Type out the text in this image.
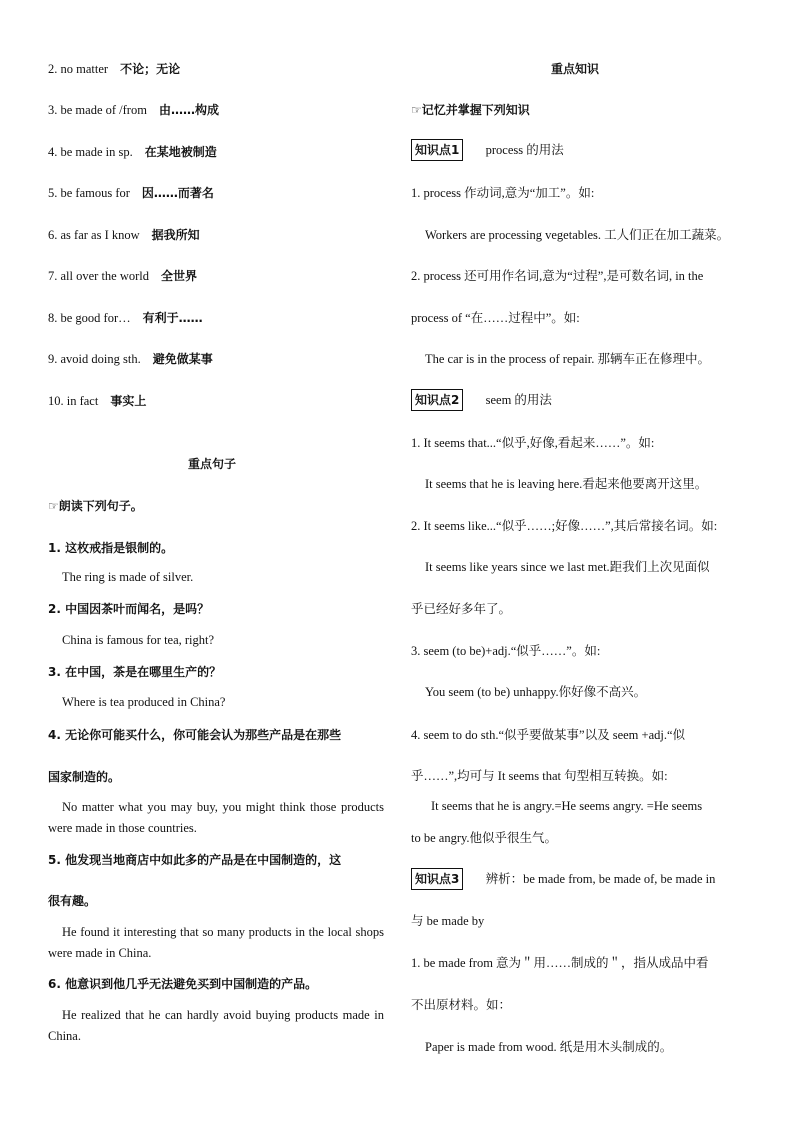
2. no matter 不论；无论
3. be made of /from 由……构成
4. be made in sp. 在某地被制造
5. be famous for 因……而著名
6. as far as I know 据我所知
7. all over the world 全世界
8. be good for… 有利于……
9. avoid doing sth. 避免做某事
10. in fact 事实上
重点句子
☞朗读下列句子。
1. 这枚戒指是银制的。
The ring is made of silver.
2. 中国因茶叶而闻名，是吗？
China is famous for tea, right?
3. 在中国，茶是在哪里生产的？
Where is tea produced in China?
4. 无论你可能买什么，你可能会认为那些产品是在那些
国家制造的。
No matter what you may buy, you might think those products were made in those countries.
5. 他发现当地商店中如此多的产品是在中国制造的，这
很有趣。
He found it interesting that so many products in the local shops were made in China.
6. 他意识到他几乎无法避免买到中国制造的产品。
He realized that he can hardly avoid buying products made in China.
重点知识
☞记忆并掌握下列知识
知识点1 process 的用法
1. process 作动词,意为“加工”。如:
Workers are processing vegetables. 工人们正在加工蔬菜。
2. process 还可用作名词,意为“过程”,是可数名词, in the
process of “在……过程中”。如:
The car is in the process of repair. 那辆车正在修理中。
知识点2 seem 的用法
1. It seems that...“似乎,好像,看起来……”。如:
It seems that he is leaving here.看起来他要离开这里。
2. It seems like...“似乎……;好像……”,其后常接名词。如:
It seems like years since we last met.距我们上次见面似
乎已经好多年了。
3. seem (to be)+adj.“似乎……”。如:
You seem (to be) unhappy.你好像不高兴。
4. seem to do sth.“似乎要做某事”以及 seem +adj.“似
乎……”,均可与 It seems that 句型相互转换。如:
It seems that he is angry.=He seems angry. =He seems
to be angry.他似乎很生气。
知识点3 辨析：be made from, be made of, be made in
与 be made by
1. be made from 意为＂用……制成的＂，指从成品中看
不出原材料。如：
Paper is made from wood. 纸是用木头制成的。
